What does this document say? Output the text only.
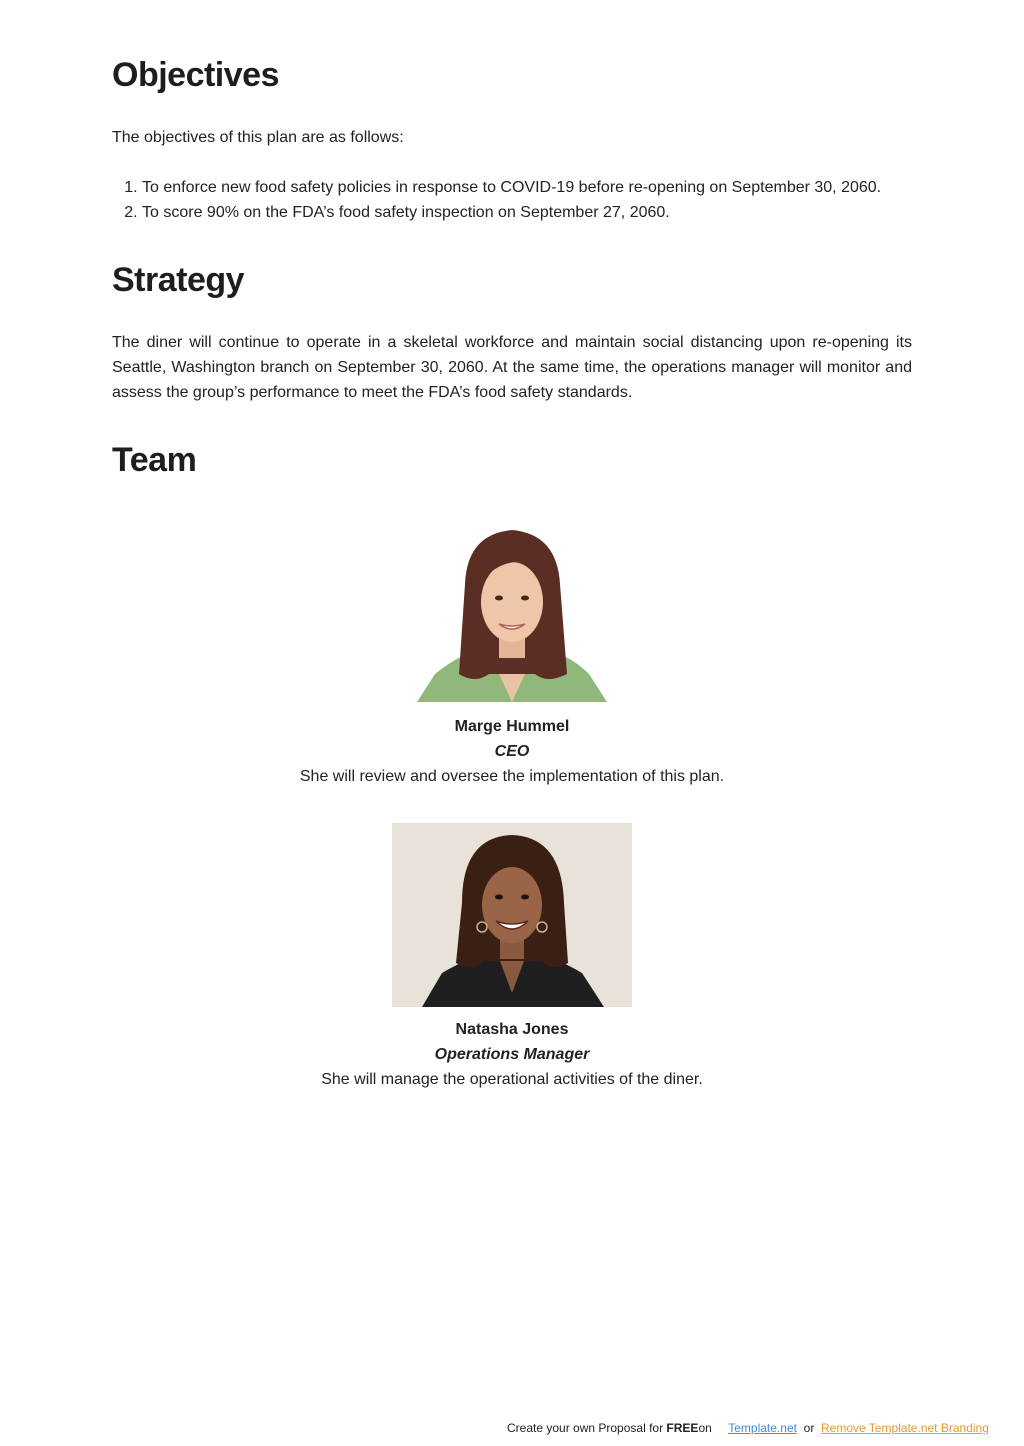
Objectives

The objectives of this plan are as follows:

1. To enforce new food safety policies in response to COVID-19 before re-opening on September 30, 2060.
2. To score 90% on the FDA’s food safety inspection on September 27, 2060.
Strategy

The diner will continue to operate in a skeletal workforce and maintain social distancing upon re-opening its Seattle, Washington branch on September 30, 2060. At the same time, the operations manager will monitor and assess the group’s performance to meet the FDA’s food safety standards.

Team
Marge Hummel
CEO
She will review and oversee the implementation of this plan.
Natasha Jones
Operations Manager
She will manage the operational activities of the diner.
Create your own Proposal for FREEon Template.net or Remove Template.net Branding
